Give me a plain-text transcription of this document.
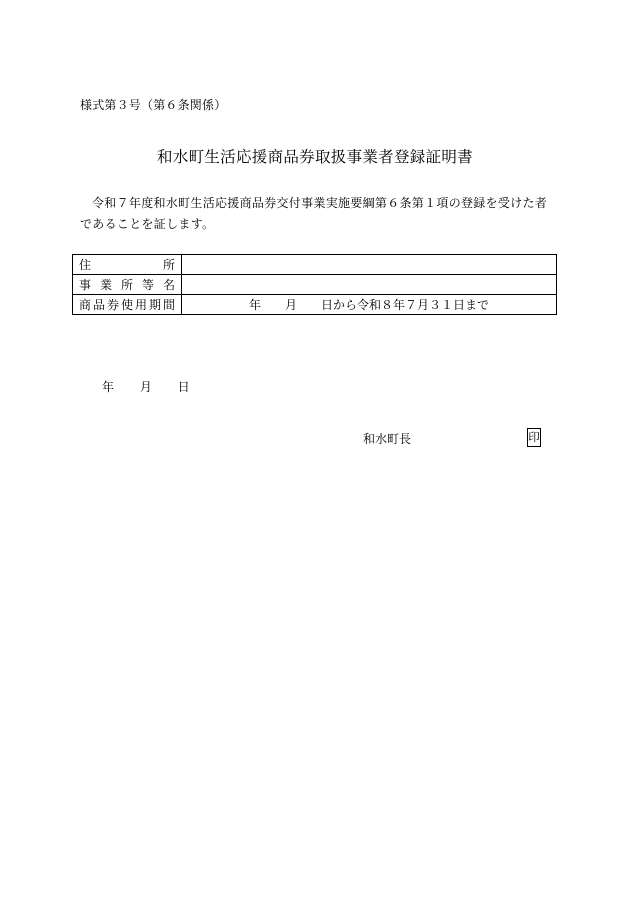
様式第３号（第６条関係）
和水町生活応援商品券取扱事業者登録証明書
令和７年度和水町生活応援商品券交付事業実施要綱第６条第１項の登録を受けた者であることを証します。
住所	
事業所等名	
商品券使用期間	年　　月　　日から令和８年７月３１日まで
年 月 日
和水町長	印
